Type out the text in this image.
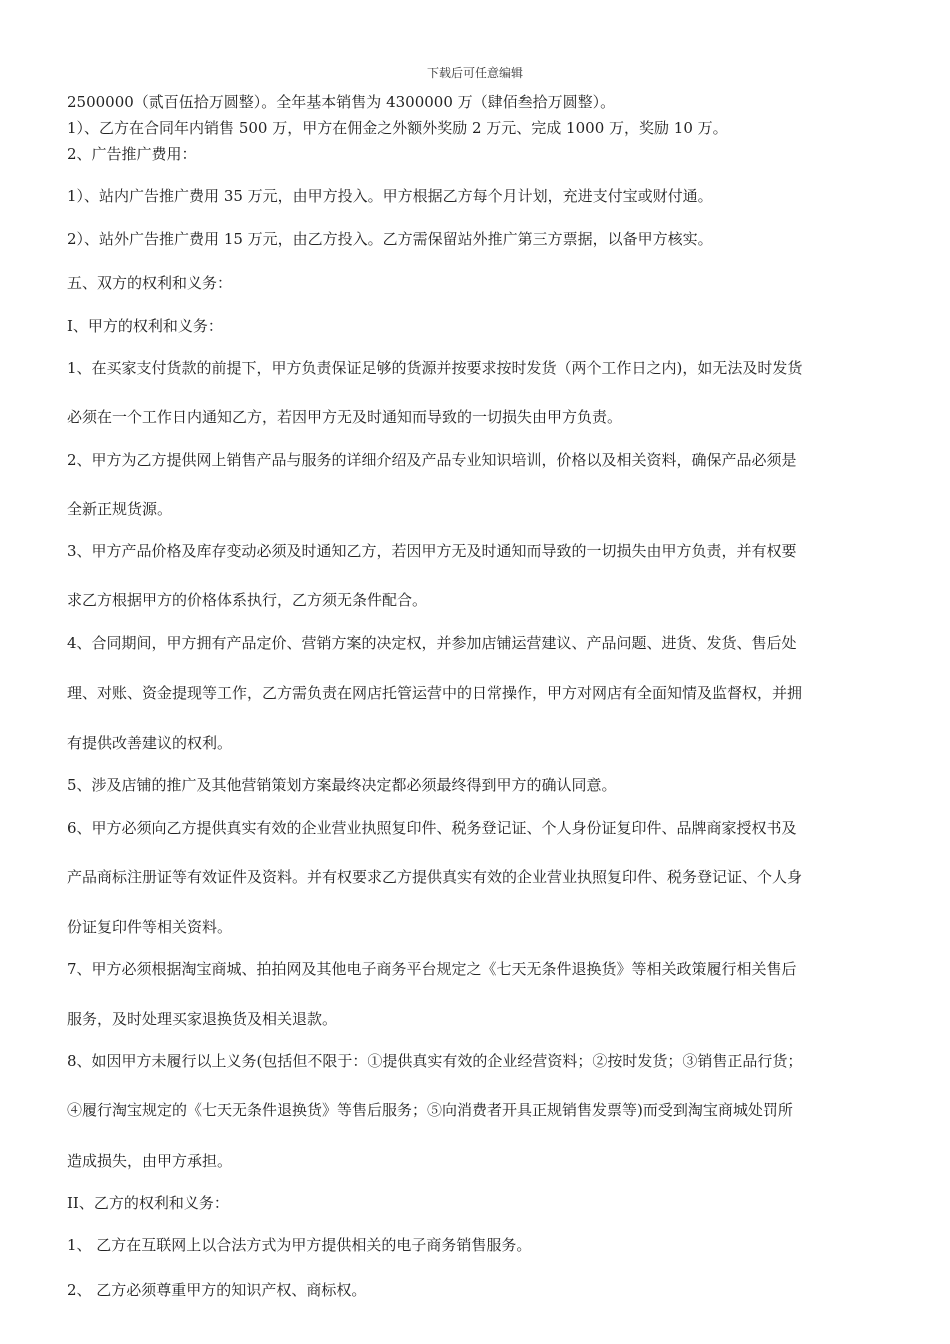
下载后可任意编辑
2500000（贰百伍拾万圆整）。全年基本销售为 4300000 万（肆佰叁拾万圆整）。
1）、乙方在合同年内销售 500 万，甲方在佣金之外额外奖励 2 万元、完成 1000 万，奖励 10 万。
2、广告推广费用：
1）、站内广告推广费用 35 万元，由甲方投入。甲方根据乙方每个月计划，充进支付宝或财付通。
2）、站外广告推广费用 15 万元，由乙方投入。乙方需保留站外推广第三方票据，以备甲方核实。
五、双方的权利和义务：
I、甲方的权利和义务：
1、在买家支付货款的前提下，甲方负责保证足够的货源并按要求按时发货（两个工作日之内)，如无法及时发货
必须在一个工作日内通知乙方，若因甲方无及时通知而导致的一切损失由甲方负责。
2、甲方为乙方提供网上销售产品与服务的详细介绍及产品专业知识培训，价格以及相关资料，确保产品必须是
全新正规货源。
3、甲方产品价格及库存变动必须及时通知乙方，若因甲方无及时通知而导致的一切损失由甲方负责，并有权要
求乙方根据甲方的价格体系执行，乙方须无条件配合。
4、合同期间，甲方拥有产品定价、营销方案的决定权，并参加店铺运营建议、产品问题、进货、发货、售后处
理、对账、资金提现等工作，乙方需负责在网店托管运营中的日常操作，甲方对网店有全面知情及监督权，并拥
有提供改善建议的权利。
5、涉及店铺的推广及其他营销策划方案最终决定都必须最终得到甲方的确认同意。
6、甲方必须向乙方提供真实有效的企业营业执照复印件、税务登记证、个人身份证复印件、品牌商家授权书及
产品商标注册证等有效证件及资料。并有权要求乙方提供真实有效的企业营业执照复印件、税务登记证、个人身
份证复印件等相关资料。
7、甲方必须根据淘宝商城、拍拍网及其他电子商务平台规定之《七天无条件退换货》等相关政策履行相关售后
服务，及时处理买家退换货及相关退款。
8、如因甲方未履行以上义务(包括但不限于：①提供真实有效的企业经营资料；②按时发货；③销售正品行货；
④履行淘宝规定的《七天无条件退换货》等售后服务；⑤向消费者开具正规销售发票等)而受到淘宝商城处罚所
造成损失，由甲方承担。
II、乙方的权利和义务：
1、 乙方在互联网上以合法方式为甲方提供相关的电子商务销售服务。
2、 乙方必须尊重甲方的知识产权、商标权。
